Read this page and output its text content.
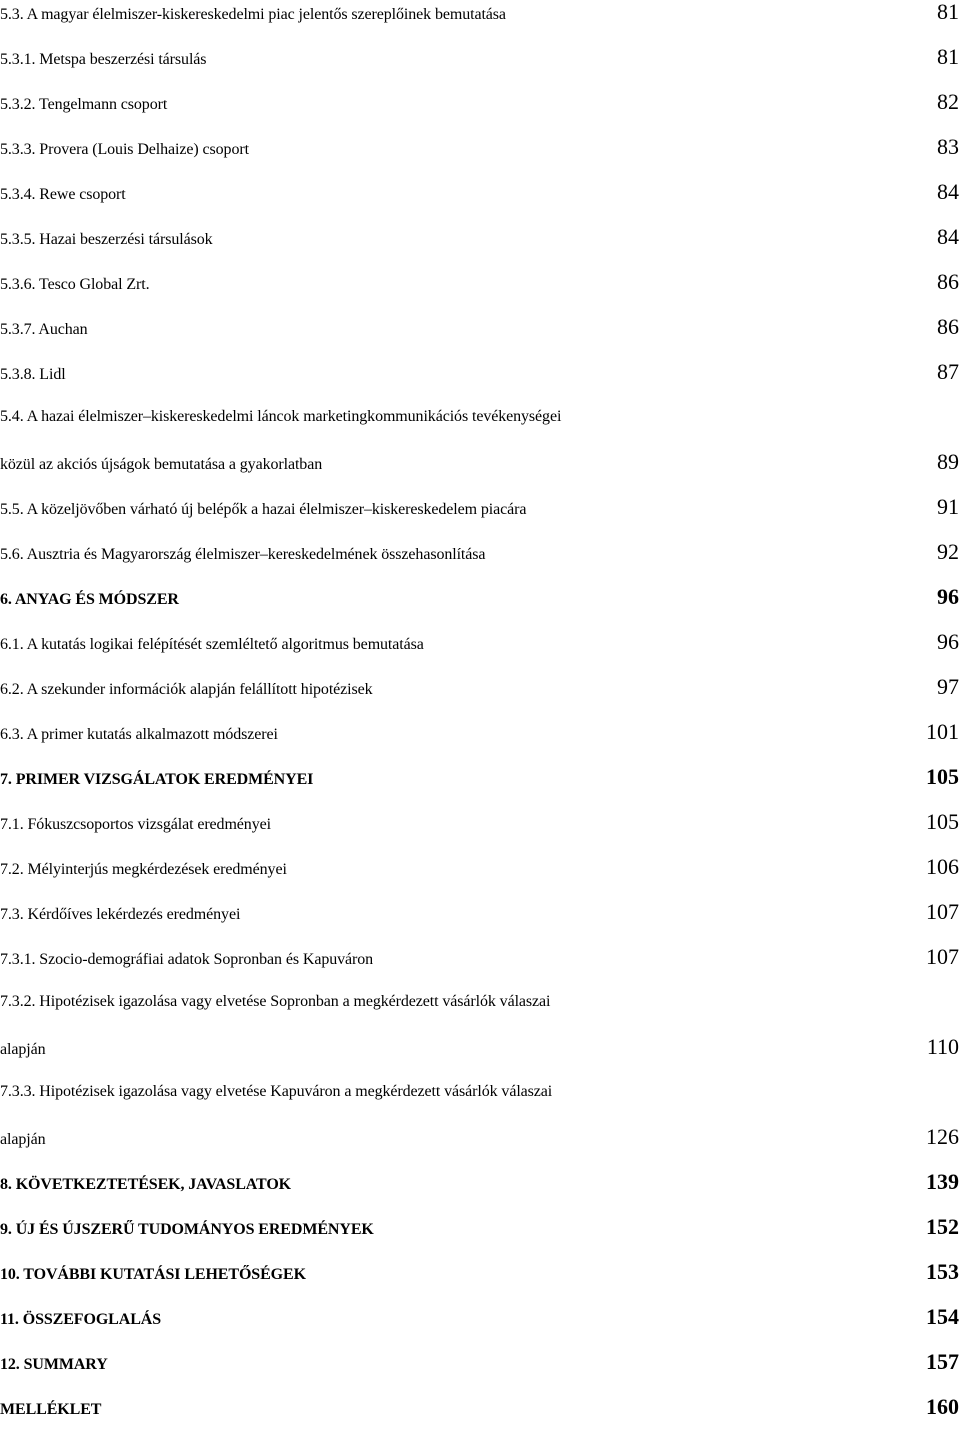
5.3. A magyar élelmiszer-kiskereskedelmi piac jelentős szereplőinek bemutatása	81
5.3.1. Metspa beszerzési társulás	81
5.3.2. Tengelmann csoport	82
5.3.3. Provera (Louis Delhaize) csoport	83
5.3.4. Rewe csoport	84
5.3.5. Hazai beszerzési társulások	84
5.3.6. Tesco Global Zrt.	86
5.3.7. Auchan	86
5.3.8. Lidl	87
5.4. A hazai élelmiszer–kiskereskedelmi láncok marketingkommunikációs tevékenységei
közül az akciós újságok bemutatása a gyakorlatban	89
5.5. A közeljövőben várható új belépők a hazai élelmiszer–kiskereskedelem piacára	91
5.6. Ausztria és Magyarország élelmiszer–kereskedelmének összehasonlítása	92
6. ANYAG ÉS MÓDSZER	96
6.1. A kutatás logikai felépítését szemléltető algoritmus bemutatása	96
6.2. A szekunder információk alapján felállított hipotézisek	97
6.3. A primer kutatás alkalmazott módszerei	101
7. PRIMER VIZSGÁLATOK EREDMÉNYEI	105
7.1. Fókuszcsoportos vizsgálat eredményei	105
7.2. Mélyinterjús megkérdezések eredményei	106
7.3. Kérdőíves lekérdezés eredményei	107
7.3.1. Szocio-demográfiai adatok Sopronban és Kapuváron	107
7.3.2. Hipotézisek igazolása vagy elvetése Sopronban a megkérdezett vásárlók válaszai
alapján	110
7.3.3. Hipotézisek igazolása vagy elvetése Kapuváron a megkérdezett vásárlók válaszai
alapján	126
8. KÖVETKEZTETÉSEK, JAVASLATOK	139
9. ÚJ ÉS ÚJSZERŰ TUDOMÁNYOS EREDMÉNYEK	152
10. TOVÁBBI KUTATÁSI LEHETŐSÉGEK	153
11. ÖSSZEFOGLALÁS	154
12. SUMMARY	157
MELLÉKLET	160
